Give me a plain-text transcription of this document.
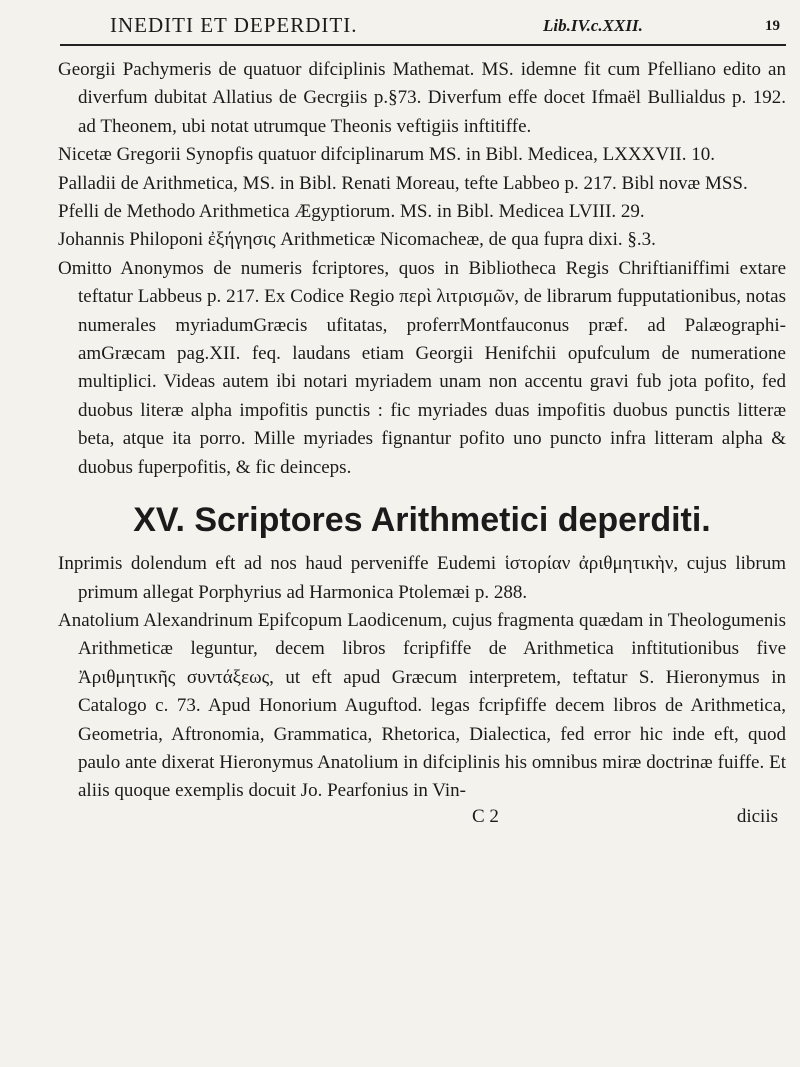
INEDITI ET DEPERDITI.	Lib.IV.c.XXII.	19

Georgii Pachymeris de quatuor difciplinis Mathemat. MS. idemne fit cum Pfelliano edito an diverfum dubitat Allatius de Gecrgiis p.§73. Diverfum effe docet Ifmaël Bullialdus p. 192. ad Theonem, ubi notat utrumque Theonis veftigiis inftitiffe.

Nicetæ Gregorii Synopfis quatuor difciplinarum MS. in Bibl. Medicea, LXXXVII. 10.

Palladii de Arithmetica, MS. in Bibl. Renati Moreau, tefte Labbeo p. 217. Bibl novæ MSS.

Pfelli de Methodo Arithmetica Ægyptiorum. MS. in Bibl. Medicea LVIII. 29.

Johannis Philoponi ἐξήγησις Arithmeticæ Nicomacheæ, de qua fupra dixi. §.3.

Omitto Anonymos de numeris fcriptores, quos in Bibliotheca Regis Chriftianiffimi extare teftatur Labbeus p. 217. Ex Codice Regio περὶ λιτρισμῶν, de librarum fupputationibus, notas numerales myriadumGræcis ufitatas, proferrMontfauconus præf. ad Palæographi-amGræcam pag.XII. feq. laudans etiam Georgii Henifchii opufculum de numeratione multiplici. Videas autem ibi notari myriadem unam non accentu gravi fub jota pofito, fed duobus literæ alpha impofitis punctis : fic myriades duas impofitis duobus punctis litteræ beta, atque ita porro. Mille myriades fignantur pofito uno puncto infra litteram alpha & duobus fuperpofitis, & fic deinceps.

XV. Scriptores Arithmetici deperditi.

Inprimis dolendum eft ad nos haud perveniffe Eudemi ἱστορίαν ἀριθμητικὴν, cujus librum primum allegat Porphyrius ad Harmonica Ptolemæi p. 288.

Anatolium Alexandrinum Epifcopum Laodicenum, cujus fragmenta quædam in Theologumenis Arithmeticæ leguntur, decem libros fcripfiffe de Arithmetica inftitutionibus five Ἀριθμητικῆς συντάξεως, ut eft apud Græcum interpretem, teftatur S. Hieronymus in Catalogo c. 73. Apud Honorium Auguftod. legas fcripfiffe decem libros de Arithmetica, Geometria, Aftronomia, Grammatica, Rhetorica, Dialectica, fed error hic inde eft, quod paulo ante dixerat Hieronymus Anatolium in difciplinis his omnibus miræ doctrinæ fuiffe. Et aliis quoque exemplis docuit Jo. Pearfonius in Vin-

C 2	diciis
